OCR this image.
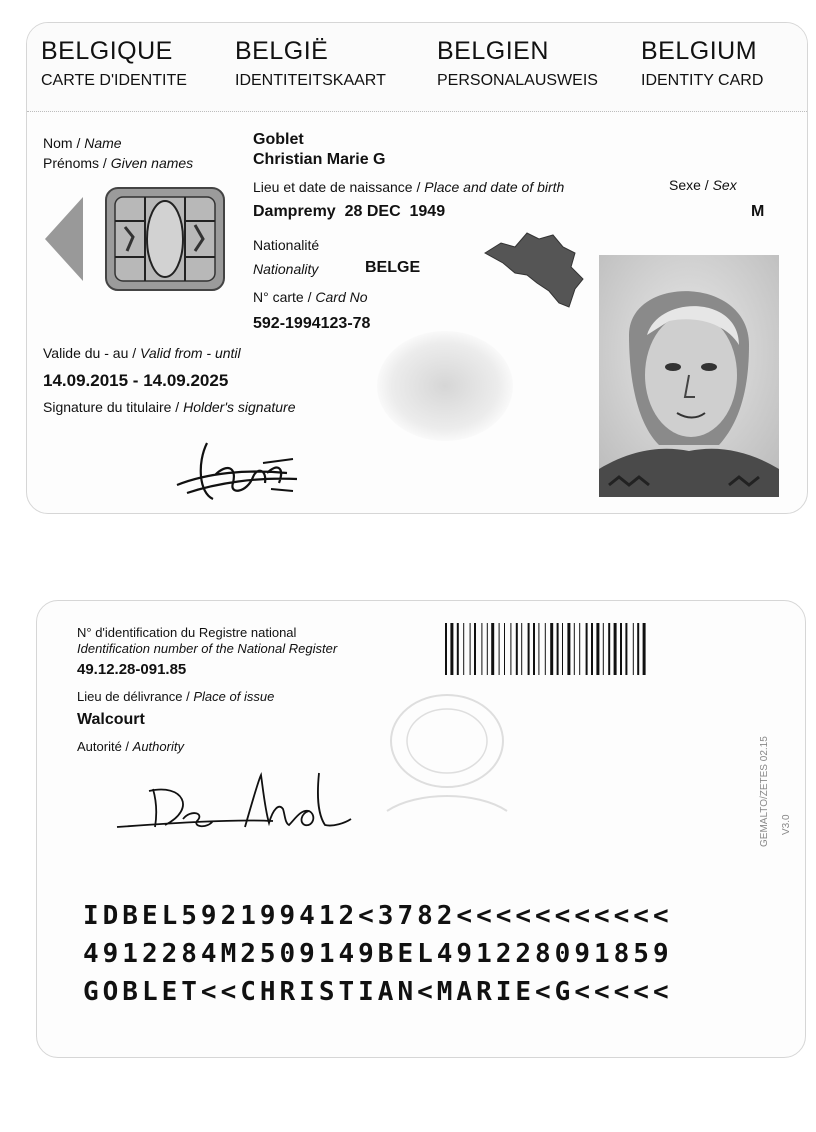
BELGIQUE
CARTE D'IDENTITE
BELGIË
IDENTITEITSKAART
BELGIEN
PERSONALAUSWEIS
BELGIUM
IDENTITY CARD
Nom / Name
Prénoms / Given names
Goblet
Christian Marie G
Lieu et date de naissance / Place and date of birth
Dampremy  28 DEC  1949
Sexe / Sex
M
Nationalité
Nationality	BELGE
N° carte / Card No
592-1994123-78
Valide du - au / Valid from - until
14.09.2015 - 14.09.2025
Signature du titulaire / Holder's signature
N° d'identification du Registre national
Identification number of the National Register
49.12.28-091.85
Lieu de délivrance / Place of issue
Walcourt
Autorité / Authority	GEMALTO/ZETES 02.15 V3.0
IDBEL592199412<3782<<<<<<<<<<<
4912284M2509149BEL491228091859
GOBLET<<CHRISTIAN<MARIE<G<<<<<
